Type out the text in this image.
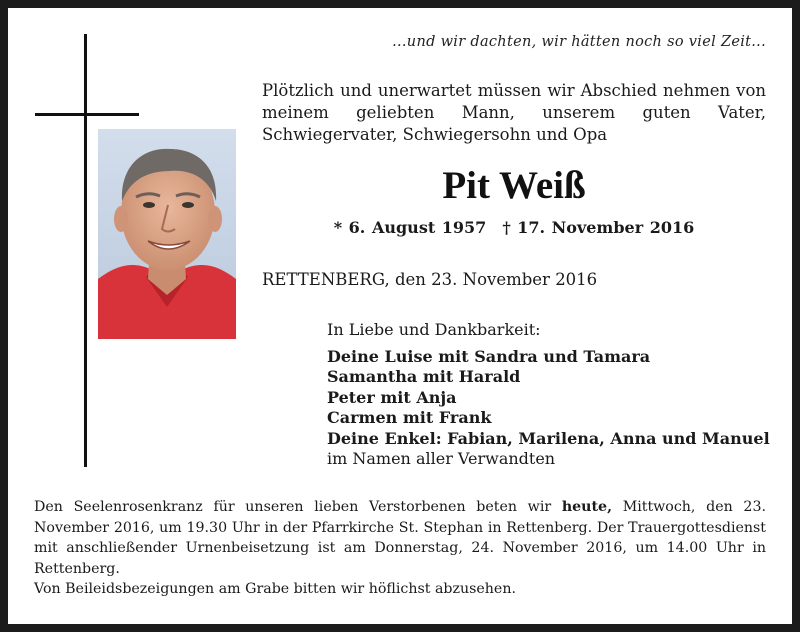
...und wir dachten, wir hätten noch so viel Zeit...
Plötzlich und unerwartet müssen wir Abschied nehmen von meinem geliebten Mann, unserem guten Vater, Schwiegervater, Schwiegersohn und Opa
Pit Weiß
* 6. August 1957 † 17. November 2016
RETTENBERG, den 23. November 2016
In Liebe und Dankbarkeit:
Deine Luise mit Sandra und Tamara
Samantha mit Harald
Peter mit Anja
Carmen mit Frank
Deine Enkel: Fabian, Marilena, Anna und Manuel
im Namen aller Verwandten
Den Seelenrosenkranz für unseren lieben Verstorbenen beten wir heute, Mittwoch, den 23. November 2016, um 19.30 Uhr in der Pfarrkirche St. Stephan in Rettenberg. Der Trauergottesdienst mit anschließender Urnenbeisetzung ist am Donnerstag, 24. November 2016, um 14.00 Uhr in Rettenberg.
Von Beileidsbezeigungen am Grabe bitten wir höflichst abzusehen.
